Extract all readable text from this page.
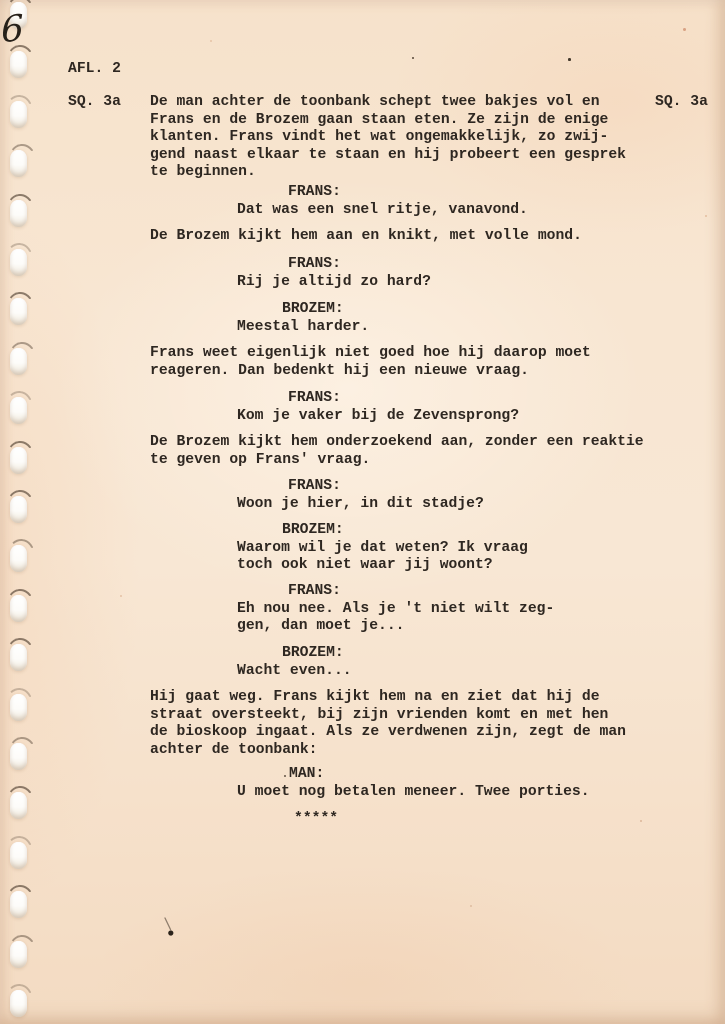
6
AFL. 2
SQ. 3a	SQ. 3a
De man achter de toonbank schept twee bakjes vol en
Frans en de Brozem gaan staan eten. Ze zijn de enige
klanten. Frans vindt het wat ongemakkelijk, zo zwij-
gend naast elkaar te staan en hij probeert een gesprek
te beginnen.
FRANS:
Dat was een snel ritje, vanavond.
De Brozem kijkt hem aan en knikt, met volle mond.
FRANS:
Rij je altijd zo hard?
BROZEM:
Meestal harder.
Frans weet eigenlijk niet goed hoe hij daarop moet
reageren. Dan bedenkt hij een nieuwe vraag.
FRANS:
Kom je vaker bij de Zevensprong?
De Brozem kijkt hem onderzoekend aan, zonder een reaktie
te geven op Frans' vraag.
FRANS:
Woon je hier, in dit stadje?
BROZEM:
Waarom wil je dat weten? Ik vraag
toch ook niet waar jij woont?
FRANS:
Eh nou nee. Als je 't niet wilt zeg-
gen, dan moet je...
BROZEM:
Wacht even...
Hij gaat weg. Frans kijkt hem na en ziet dat hij de
straat oversteekt, bij zijn vrienden komt en met hen
de bioskoop ingaat. Als ze verdwenen zijn, zegt de man
achter de toonbank:
MAN:
U moet nog betalen meneer. Twee porties.
*****
